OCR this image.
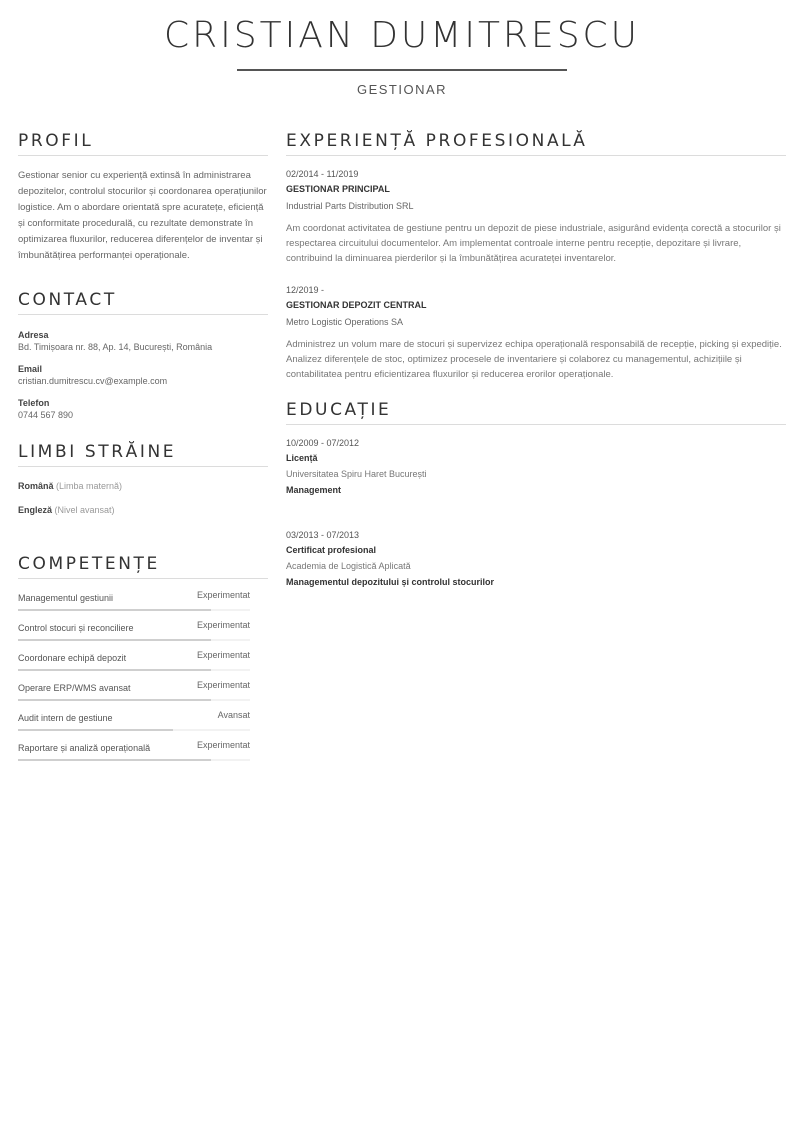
CRISTIAN DUMITRESCU
GESTIONAR
PROFIL
Gestionar senior cu experiență extinsă în administrarea depozitelor, controlul stocurilor și coordonarea operațiunilor logistice. Am o abordare orientată spre acuratețe, eficiență și conformitate procedurală, cu rezultate demonstrate în optimizarea fluxurilor, reducerea diferențelor de inventar și îmbunătățirea performanței operaționale.
CONTACT
Adresa
Bd. Timișoara nr. 88, Ap. 14, București, România
Email
cristian.dumitrescu.cv@example.com
Telefon
0744 567 890
LIMBI STRĂINE
Română (Limba maternă)
Engleză (Nivel avansat)
COMPETENȚE
Managementul gestiunii	Experimentat
Control stocuri și reconciliere	Experimentat
Coordonare echipă depozit	Experimentat
Operare ERP/WMS avansat	Experimentat
Audit intern de gestiune	Avansat
Raportare și analiză operațională	Experimentat
EXPERIENȚĂ PROFESIONALĂ
02/2014 - 11/2019
GESTIONAR PRINCIPAL
Industrial Parts Distribution SRL
Am coordonat activitatea de gestiune pentru un depozit de piese industriale, asigurând evidența corectă a stocurilor și respectarea circuitului documentelor. Am implementat controale interne pentru recepție, depozitare și livrare, contribuind la diminuarea pierderilor și la îmbunătățirea acurateței inventarelor.
12/2019 -
GESTIONAR DEPOZIT CENTRAL
Metro Logistic Operations SA
Administrez un volum mare de stocuri și supervizez echipa operațională responsabilă de recepție, picking și expediție. Analizez diferențele de stoc, optimizez procesele de inventariere și colaborez cu managementul, achizițiile și contabilitatea pentru eficientizarea fluxurilor și reducerea erorilor operaționale.
EDUCAȚIE
10/2009 - 07/2012
Licență
Universitatea Spiru Haret București
Management
03/2013 - 07/2013
Certificat profesional
Academia de Logistică Aplicată
Managementul depozitului și controlul stocurilor
